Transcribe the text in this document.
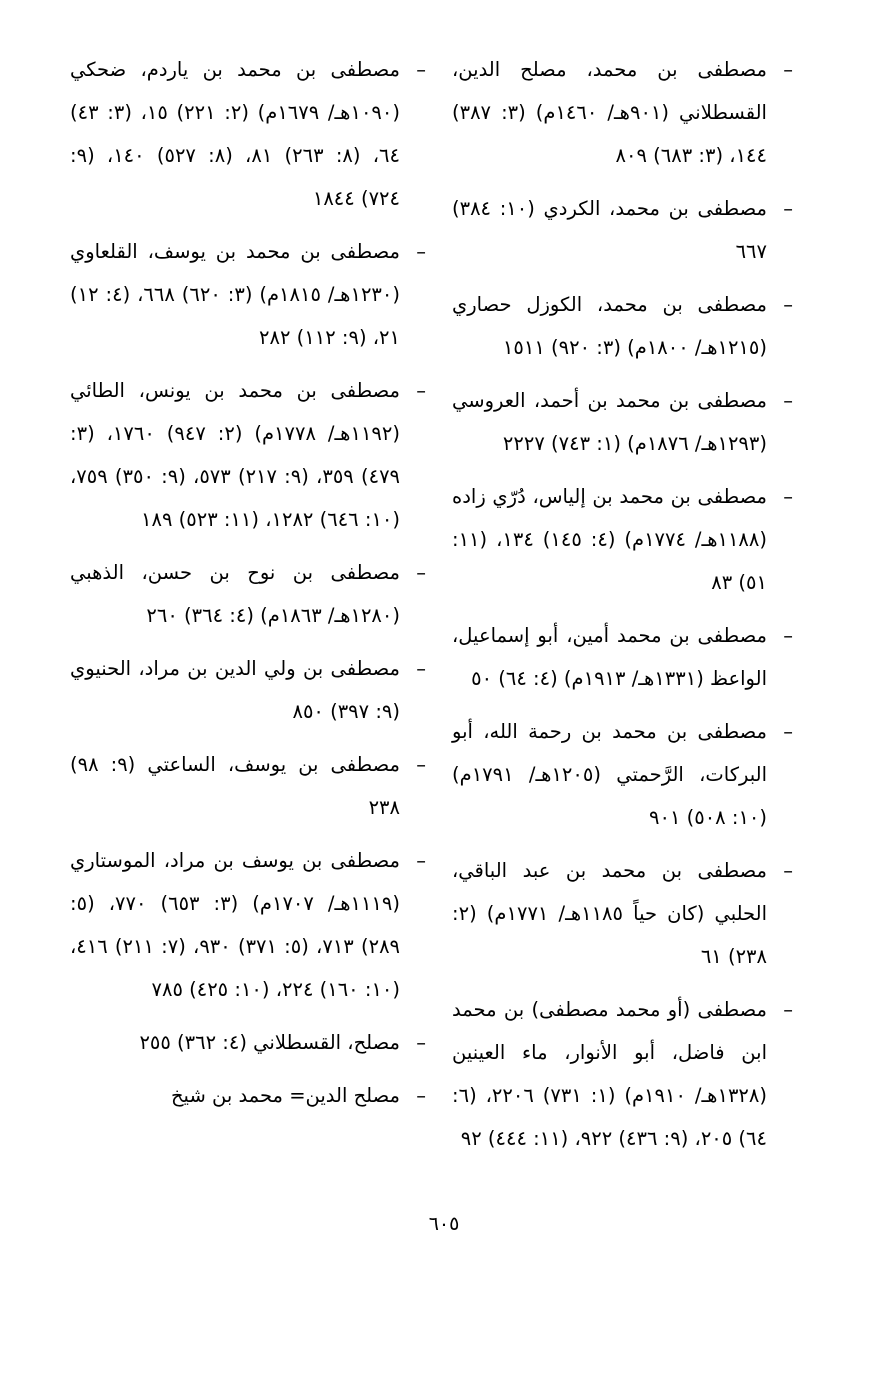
–
مصطفى بن محمد، مصلح الدين، القسطلاني (٩٠١هـ/ ١٤٦٠م) (٣: ٣٨٧) ١٤٤، (٣: ٦٨٣) ٨٠٩
–
مصطفى بن محمد، الكردي (١٠: ٣٨٤) ٦٦٧
–
مصطفى بن محمد، الكوزل حصاري (١٢١٥هـ/ ١٨٠٠م) (٣: ٩٢٠) ١٥١١
–
مصطفى بن محمد بن أحمد، العروسي (١٢٩٣هـ/ ١٨٧٦م) (١: ٧٤٣) ٢٢٢٧
–
مصطفى بن محمد بن إلياس، دُرّي زاده (١١٨٨هـ/ ١٧٧٤م) (٤: ١٤٥) ١٣٤، (١١: ٥١) ٨٣
–
مصطفى بن محمد أمين، أبو إسماعيل، الواعظ (١٣٣١هـ/ ١٩١٣م) (٤: ٦٤) ٥٠
–
مصطفى بن محمد بن رحمة الله، أبو البركات، الرَّحمتي (١٢٠٥هـ/ ١٧٩١م) (١٠: ٥٠٨) ٩٠١
–
مصطفى بن محمد بن عبد الباقي، الحلبي (كان حياً ١١٨٥هـ/ ١٧٧١م) (٢: ٢٣٨) ٦١
–
مصطفى (أو محمد مصطفى) بن محمد ابن فاضل، أبو الأنوار، ماء العينين (١٣٢٨هـ/ ١٩١٠م) (١: ٧٣١) ٢٢٠٦، (٦: ٦٤) ٢٠٥، (٩: ٤٣٦) ٩٢٢، (١١: ٤٤٤) ٩٢
–
مصطفى بن محمد بن ياردم، ضحكي (١٠٩٠هـ/ ١٦٧٩م) (٢: ٢٢١) ١٥، (٣: ٤٣) ٦٤، (٨: ٢٦٣) ٨١، (٨: ٥٢٧) ١٤٠، (٩: ٧٢٤) ١٨٤٤
–
مصطفى بن محمد بن يوسف، القلعاوي (١٢٣٠هـ/ ١٨١٥م) (٣: ٦٢٠) ٦٦٨، (٤: ١٢) ٢١، (٩: ١١٢) ٢٨٢
–
مصطفى بن محمد بن يونس، الطائي (١١٩٢هـ/ ١٧٧٨م) (٢: ٩٤٧) ١٧٦٠، (٣: ٤٧٩) ٣٥٩، (٩: ٢١٧) ٥٧٣، (٩: ٣٥٠) ٧٥٩، (١٠: ٦٤٦) ١٢٨٢، (١١: ٥٢٣) ١٨٩
–
مصطفى بن نوح بن حسن، الذهبي (١٢٨٠هـ/ ١٨٦٣م) (٤: ٣٦٤) ٢٦٠
–
مصطفى بن ولي الدين بن مراد، الحنيوي (٩: ٣٩٧) ٨٥٠
–
مصطفى بن يوسف، الساعتي (٩: ٩٨) ٢٣٨
–
مصطفى بن يوسف بن مراد، الموستاري (١١١٩هـ/ ١٧٠٧م) (٣: ٦٥٣) ٧٧٠، (٥: ٢٨٩) ٧١٣، (٥: ٣٧١) ٩٣٠، (٧: ٢١١) ٤١٦، (١٠: ١٦٠) ٢٢٤، (١٠: ٤٢٥) ٧٨٥
–
مصلح، القسطلاني (٤: ٣٦٢) ٢٥٥
–
مصلح الدين= محمد بن شيخ
٦٠٥
